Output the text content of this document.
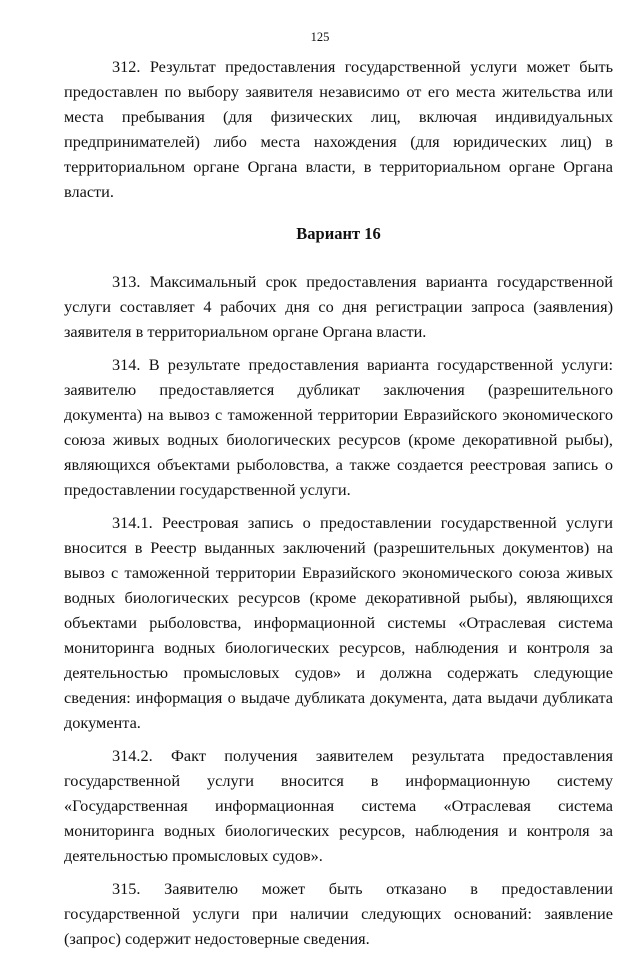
125

312. Результат предоставления государственной услуги может быть предоставлен по выбору заявителя независимо от его места жительства или места пребывания (для физических лиц, включая индивидуальных предпринимателей) либо места нахождения (для юридических лиц) в территориальном органе Органа власти, в территориальном органе Органа власти.

Вариант 16

313. Максимальный срок предоставления варианта государственной услуги составляет 4 рабочих дня со дня регистрации запроса (заявления) заявителя в территориальном органе Органа власти.

314. В результате предоставления варианта государственной услуги: заявителю предоставляется дубликат заключения (разрешительного документа) на вывоз с таможенной территории Евразийского экономического союза живых водных биологических ресурсов (кроме декоративной рыбы), являющихся объектами рыболовства, а также создается реестровая запись о предоставлении государственной услуги.

314.1. Реестровая запись о предоставлении государственной услуги вносится в Реестр выданных заключений (разрешительных документов) на вывоз с таможенной территории Евразийского экономического союза живых водных биологических ресурсов (кроме декоративной рыбы), являющихся объектами рыболовства, информационной системы «Отраслевая система мониторинга водных биологических ресурсов, наблюдения и контроля за деятельностью промысловых судов» и должна содержать следующие сведения: информация о выдаче дубликата документа, дата выдачи дубликата документа.

314.2. Факт получения заявителем результата предоставления государственной услуги вносится в информационную систему «Государственная информационная система «Отраслевая система мониторинга водных биологических ресурсов, наблюдения и контроля за деятельностью промысловых судов».

315. Заявителю может быть отказано в предоставлении государственной услуги при наличии следующих оснований: заявление (запрос) содержит недостоверные сведения.
